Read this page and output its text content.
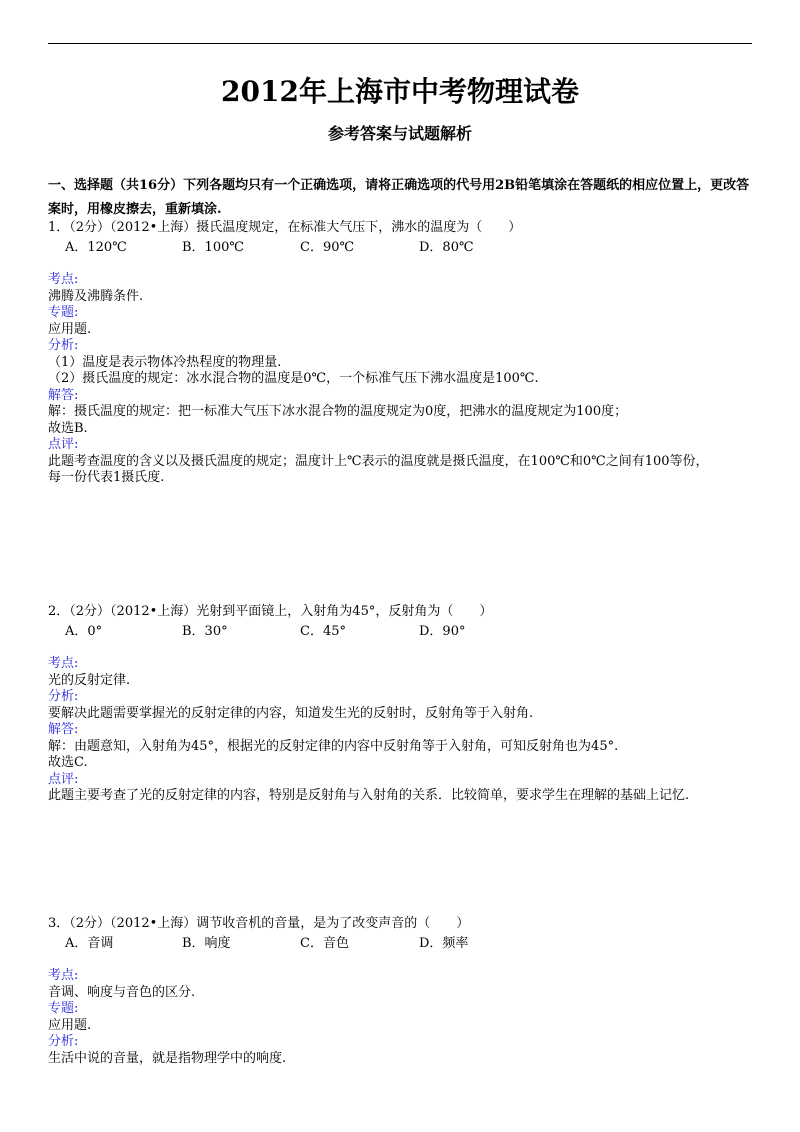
2012年上海市中考物理试卷
参考答案与试题解析
一、选择题（共16分）下列各题均只有一个正确选项，请将正确选项的代号用2B铅笔填涂在答题纸的相应位置上，更改答案时，用橡皮擦去，重新填涂.
1．（2分）（2012•上海）摄氏温度规定，在标准大气压下，沸水的温度为（　　）
A．120℃	B．100℃	C．90℃	D．80℃
考点:
沸腾及沸腾条件.
专题:
应用题.
分析:
（1）温度是表示物体冷热程度的物理量.
（2）摄氏温度的规定：冰水混合物的温度是0℃，一个标准气压下沸水温度是100℃.
解答:
解：摄氏温度的规定：把一标准大气压下冰水混合物的温度规定为0度，把沸水的温度规定为100度；
故选B.
点评:
此题考查温度的含义以及摄氏温度的规定；温度计上℃表示的温度就是摄氏温度，在100℃和0℃之间有100等份，
每一份代表1摄氏度.
2．（2分）（2012•上海）光射到平面镜上，入射角为45°，反射角为（　　）
A．0°	B．30°	C．45°	D．90°
考点:
光的反射定律.
分析:
要解决此题需要掌握光的反射定律的内容，知道发生光的反射时，反射角等于入射角.
解答:
解：由题意知，入射角为45°，根据光的反射定律的内容中反射角等于入射角，可知反射角也为45°.
故选C.
点评:
此题主要考查了光的反射定律的内容，特别是反射角与入射角的关系．比较简单，要求学生在理解的基础上记忆.
3．（2分）（2012•上海）调节收音机的音量，是为了改变声音的（　　）
A．音调	B．响度	C．音色	D．频率
考点:
音调、响度与音色的区分.
专题:
应用题.
分析:
生活中说的音量，就是指物理学中的响度.
